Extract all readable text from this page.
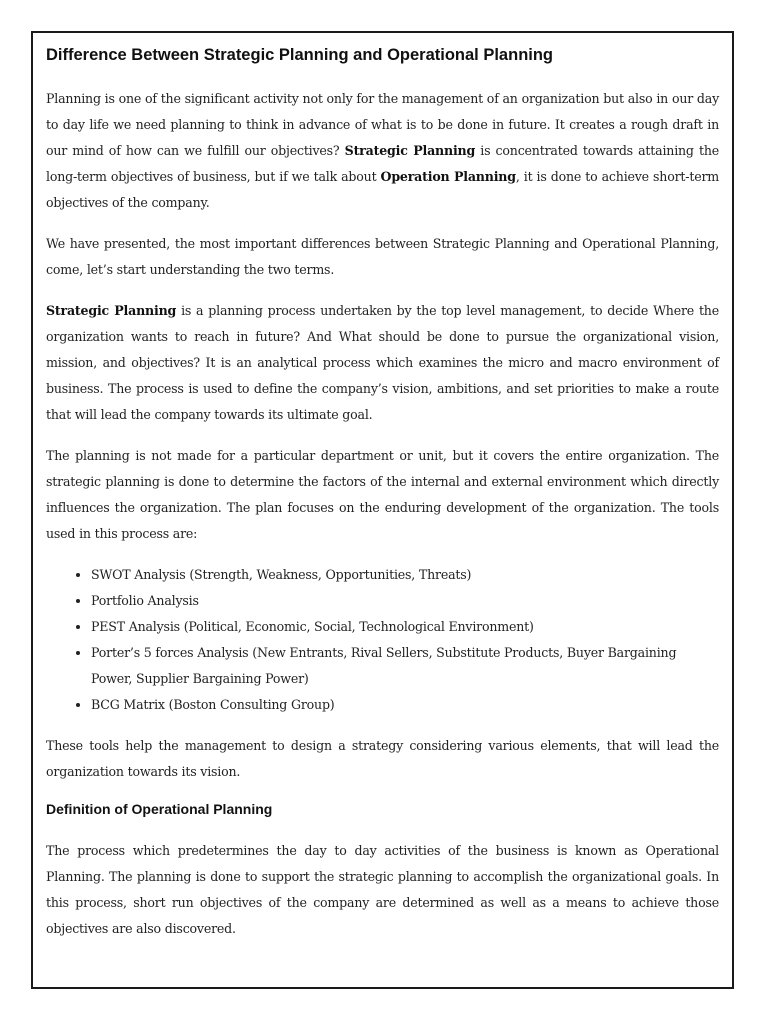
Difference Between Strategic Planning and Operational Planning

Planning is one of the significant activity not only for the management of an organization but also in our day to day life we need planning to think in advance of what is to be done in future. It creates a rough draft in our mind of how can we fulfill our objectives? Strategic Planning is concentrated towards attaining the long-term objectives of business, but if we talk about Operation Planning, it is done to achieve short-term objectives of the company.

We have presented, the most important differences between Strategic Planning and Operational Planning, come, let’s start understanding the two terms.

Strategic Planning is a planning process undertaken by the top level management, to decide Where the organization wants to reach in future? And What should be done to pursue the organizational vision, mission, and objectives? It is an analytical process which examines the micro and macro environment of business. The process is used to define the company’s vision, ambitions, and set priorities to make a route that will lead the company towards its ultimate goal.

The planning is not made for a particular department or unit, but it covers the entire organization. The strategic planning is done to determine the factors of the internal and external environment which directly influences the organization. The plan focuses on the enduring development of the organization. The tools used in this process are:

• SWOT Analysis (Strength, Weakness, Opportunities, Threats)
• Portfolio Analysis
• PEST Analysis (Political, Economic, Social, Technological Environment)
• Porter’s 5 forces Analysis (New Entrants, Rival Sellers, Substitute Products, Buyer Bargaining Power, Supplier Bargaining Power)
• BCG Matrix (Boston Consulting Group)

These tools help the management to design a strategy considering various elements, that will lead the organization towards its vision.

Definition of Operational Planning

The process which predetermines the day to day activities of the business is known as Operational Planning. The planning is done to support the strategic planning to accomplish the organizational goals. In this process, short run objectives of the company are determined as well as a means to achieve those objectives are also discovered.
